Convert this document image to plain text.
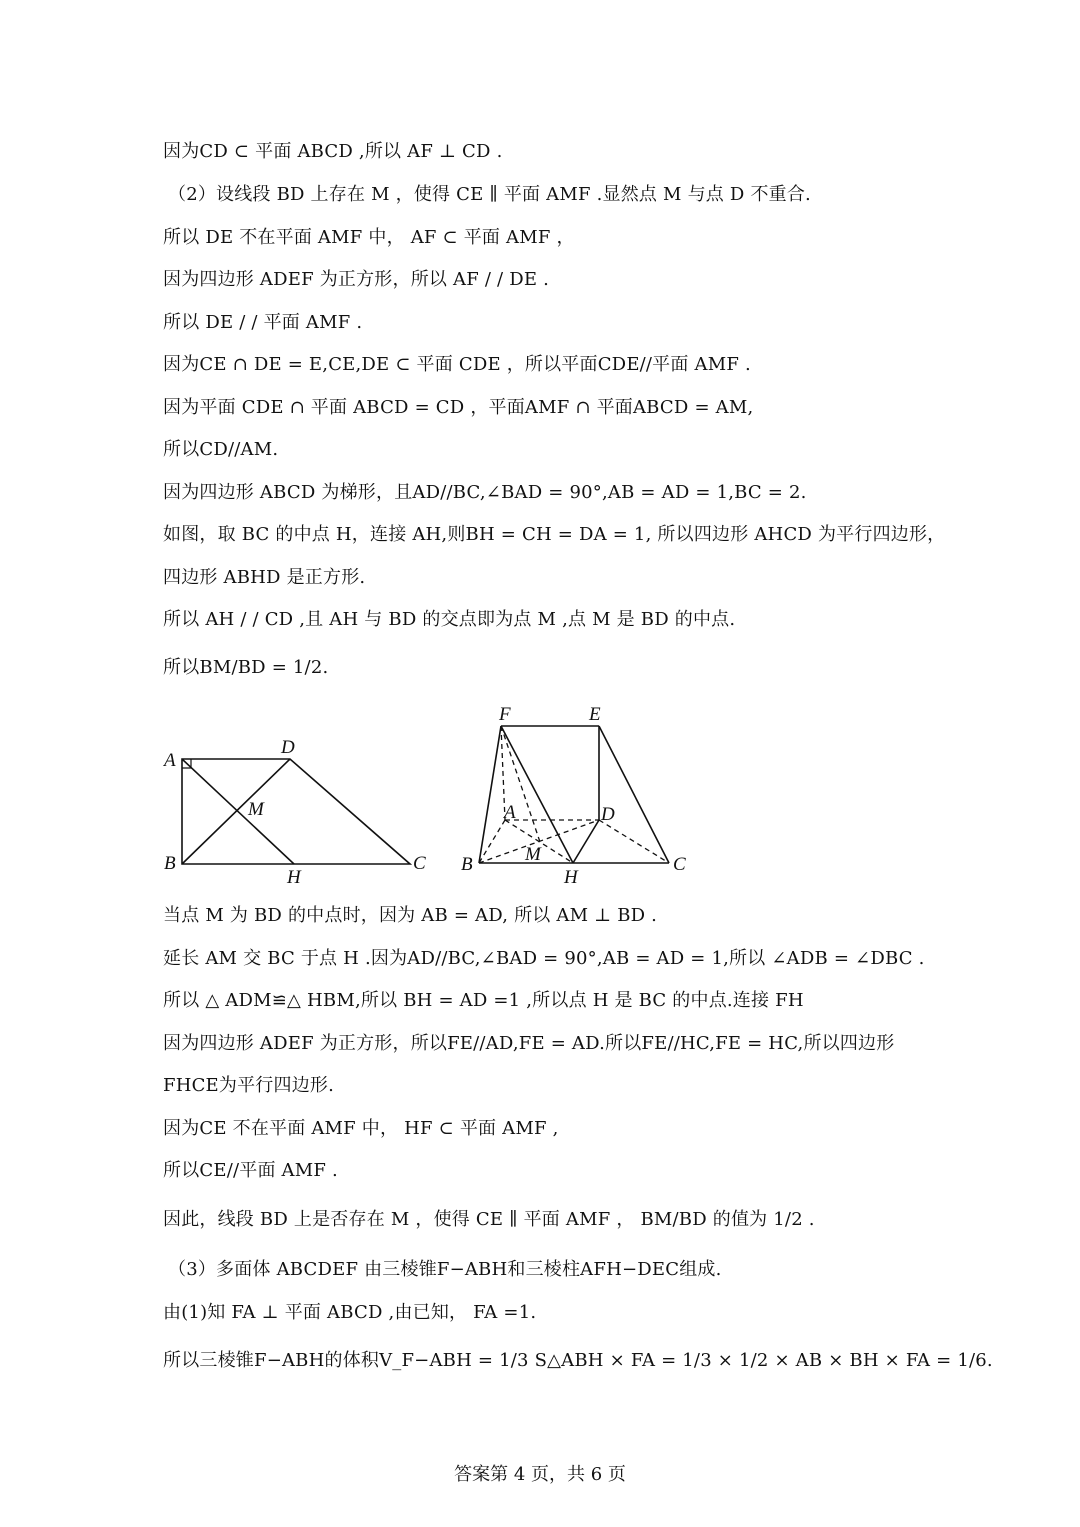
因为CD ⊂ 平面 ABCD ,所以 AF ⊥ CD .
（2）设线段 BD 上存在 M ，使得 CE ∥ 平面 AMF .显然点 M 与点 D 不重合.
所以 DE 不在平面 AMF 中， AF ⊂ 平面 AMF ，
因为四边形 ADEF 为正方形，所以 AF / / DE .
所以 DE / / 平面 AMF .
因为CE ∩ DE = E,CE,DE ⊂ 平面 CDE ，所以平面CDE//平面 AMF .
因为平面 CDE ∩ 平面 ABCD = CD ，平面AMF ∩ 平面ABCD = AM,
所以CD//AM.
因为四边形 ABCD 为梯形，且AD//BC,∠BAD = 90°,AB = AD = 1,BC = 2.
如图，取 BC 的中点 H，连接 AH,则BH = CH = DA = 1, 所以四边形 AHCD 为平行四边形，
四边形 ABHD 是正方形.
所以 AH / / CD ,且 AH 与 BD 的交点即为点 M ,点 M 是 BD 的中点.
所以BM/BD = 1/2.
A
D
M
B
H
C
F	E
A	D
B	M
H
C
当点 M 为 BD 的中点时，因为 AB = AD, 所以 AM ⊥ BD .
延长 AM 交 BC 于点 H .因为AD//BC,∠BAD = 90°,AB = AD = 1,所以 ∠ADB = ∠DBC .
所以 △ ADM≌△ HBM,所以 BH = AD =1 ,所以点 H 是 BC 的中点.连接 FH
因为四边形 ADEF 为正方形，所以FE//AD,FE = AD.所以FE//HC,FE = HC,所以四边形
FHCE为平行四边形.
因为CE 不在平面 AMF 中， HF ⊂ 平面 AMF ,
所以CE//平面 AMF .
因此，线段 BD 上是否存在 M ，使得 CE ∥ 平面 AMF ， BM/BD 的值为 1/2 .
（3）多面体 ABCDEF 由三棱锥F−ABH和三棱柱AFH−DEC组成.
由(1)知 FA ⊥ 平面 ABCD ,由已知， FA =1.
所以三棱锥F−ABH的体积V_F−ABH = 1/3 S△ABH × FA = 1/3 × 1/2 × AB × BH × FA = 1/6.
答案第 4 页，共 6 页
